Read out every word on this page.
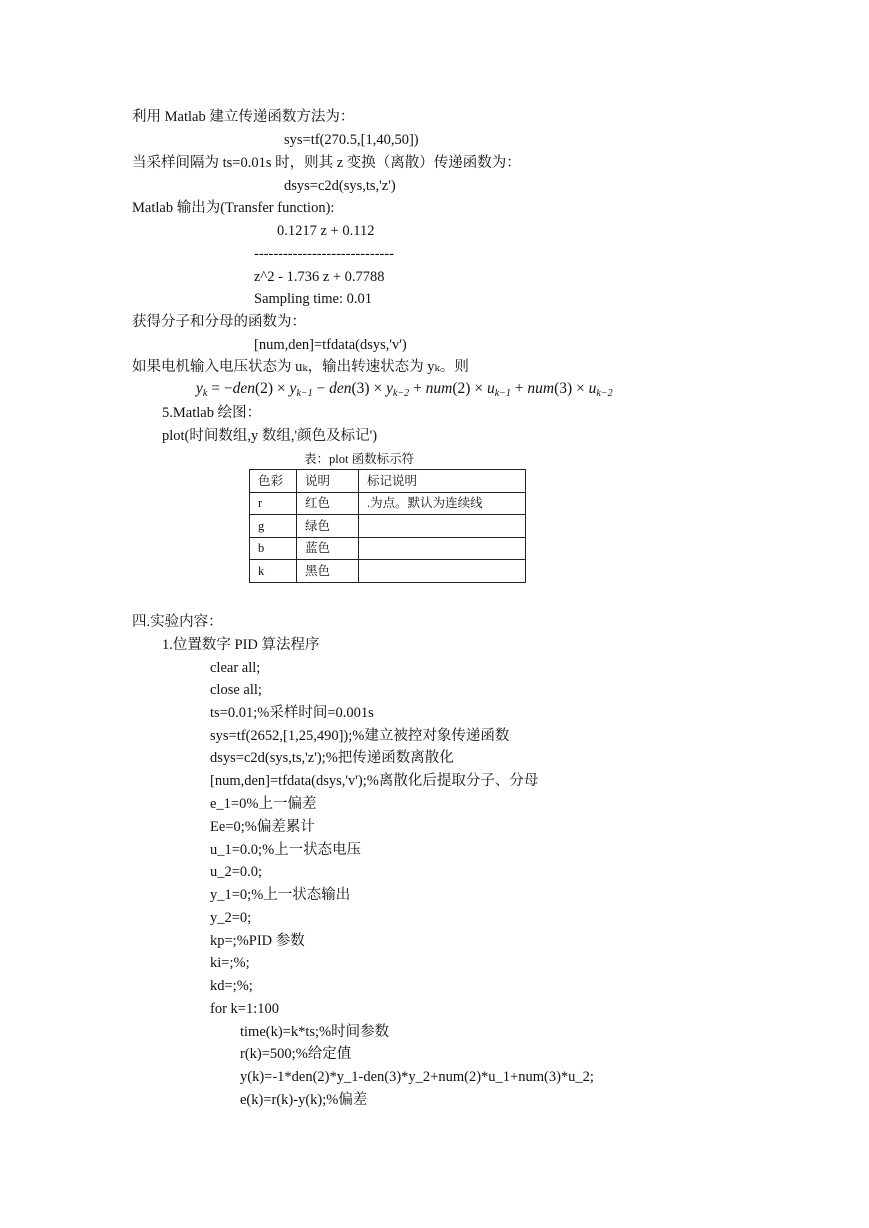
利用 Matlab 建立传递函数方法为：
sys=tf(270.5,[1,40,50])
当采样间隔为 ts=0.01s 时，则其 z 变换（离散）传递函数为：
dsys=c2d(sys,ts,'z')
Matlab 输出为(Transfer function):
0.1217 z + 0.112
-----------------------------
z^2 - 1.736 z + 0.7788
Sampling time: 0.01
获得分子和分母的函数为：
[num,den]=tfdata(dsys,'v')
如果电机输入电压状态为 uₖ，输出转速状态为 yₖ。则
$y_k = -den(2) \times y_{k-1} - den(3) \times y_{k-2} + num(2) \times u_{k-1} + num(3) \times u_{k-2}$
5.Matlab 绘图：
plot(时间数组,y 数组,'颜色及标记')
表：plot 函数标示符
色彩	说明	标记说明
r	红色	.为点。默认为连续线
g	绿色	
b	蓝色	
k	黑色	
四.实验内容：
1.位置数字 PID 算法程序
clear all;
close all;
ts=0.01;%采样时间=0.001s
sys=tf(2652,[1,25,490]);%建立被控对象传递函数
dsys=c2d(sys,ts,'z');%把传递函数离散化
[num,den]=tfdata(dsys,'v');%离散化后提取分子、分母
e_1=0%上一偏差
Ee=0;%偏差累计
u_1=0.0;%上一状态电压
u_2=0.0;
y_1=0;%上一状态输出
y_2=0;
kp=;%PID 参数
ki=;%;
kd=;%;
for k=1:100
time(k)=k*ts;%时间参数
r(k)=500;%给定值
y(k)=-1*den(2)*y_1-den(3)*y_2+num(2)*u_1+num(3)*u_2;
e(k)=r(k)-y(k);%偏差
